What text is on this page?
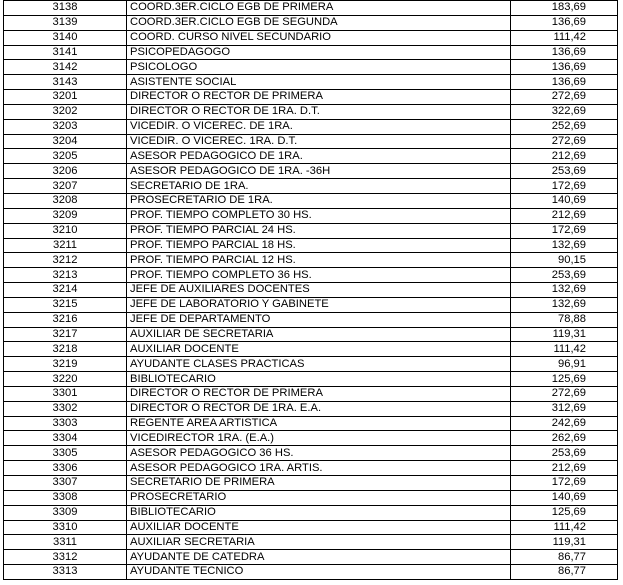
3138	COORD.3ER.CICLO EGB DE PRIMERA	183,69
3139	COORD.3ER.CICLO EGB DE SEGUNDA	136,69
3140	COORD. CURSO NIVEL SECUNDARIO	111,42
3141	PSICOPEDAGOGO	136,69
3142	PSICOLOGO	136,69
3143	ASISTENTE SOCIAL	136,69
3201	DIRECTOR O RECTOR DE PRIMERA	272,69
3202	DIRECTOR O RECTOR DE 1RA. D.T.	322,69
3203	VICEDIR. O VICEREC. DE 1RA.	252,69
3204	VICEDIR. O VICEREC. 1RA. D.T.	272,69
3205	ASESOR PEDAGOGICO DE 1RA.	212,69
3206	ASESOR PEDAGOGICO DE 1RA. -36H	253,69
3207	SECRETARIO DE 1RA.	172,69
3208	PROSECRETARIO DE 1RA.	140,69
3209	PROF. TIEMPO COMPLETO 30 HS.	212,69
3210	PROF. TIEMPO PARCIAL 24 HS.	172,69
3211	PROF. TIEMPO PARCIAL 18 HS.	132,69
3212	PROF. TIEMPO PARCIAL 12 HS.	90,15
3213	PROF. TIEMPO COMPLETO 36 HS.	253,69
3214	JEFE DE AUXILIARES DOCENTES	132,69
3215	JEFE DE LABORATORIO Y GABINETE	132,69
3216	JEFE DE DEPARTAMENTO	78,88
3217	AUXILIAR DE SECRETARIA	119,31
3218	AUXILIAR DOCENTE	111,42
3219	AYUDANTE CLASES PRACTICAS	96,91
3220	BIBLIOTECARIO	125,69
3301	DIRECTOR O RECTOR DE PRIMERA	272,69
3302	DIRECTOR O RECTOR DE 1RA. E.A.	312,69
3303	REGENTE AREA ARTISTICA	242,69
3304	VICEDIRECTOR 1RA. (E.A.)	262,69
3305	ASESOR PEDAGOGICO 36 HS.	253,69
3306	ASESOR PEDAGOGICO 1RA. ARTIS.	212,69
3307	SECRETARIO DE PRIMERA	172,69
3308	PROSECRETARIO	140,69
3309	BIBLIOTECARIO	125,69
3310	AUXILIAR DOCENTE	111,42
3311	AUXILIAR SECRETARIA	119,31
3312	AYUDANTE DE CATEDRA	86,77
3313	AYUDANTE TECNICO	86,77
